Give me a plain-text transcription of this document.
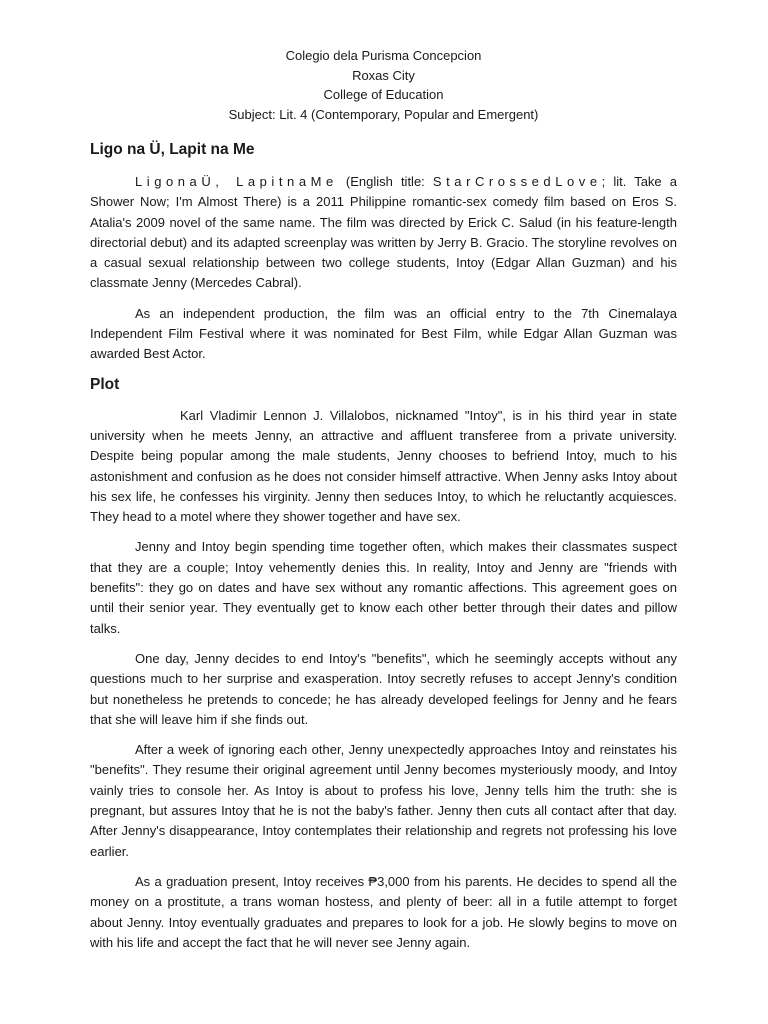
Colegio dela Purisma Concepcion
Roxas City
College of Education
Subject: Lit. 4 (Contemporary, Popular and Emergent)
Ligo na Ü, Lapit na Me

LigonaÜ, LapitnaMe (English title: StarCrossedLove; lit. Take a Shower Now; I'm Almost There) is a 2011 Philippine romantic-sex comedy film based on Eros S. Atalia's 2009 novel of the same name. The film was directed by Erick C. Salud (in his feature-length directorial debut) and its adapted screenplay was written by Jerry B. Gracio. The storyline revolves on a casual sexual relationship between two college students, Intoy (Edgar Allan Guzman) and his classmate Jenny (Mercedes Cabral).

As an independent production, the film was an official entry to the 7th Cinemalaya Independent Film Festival where it was nominated for Best Film, while Edgar Allan Guzman was awarded Best Actor.

Plot

Karl Vladimir Lennon J. Villalobos, nicknamed "Intoy", is in his third year in state university when he meets Jenny, an attractive and affluent transferee from a private university. Despite being popular among the male students, Jenny chooses to befriend Intoy, much to his astonishment and confusion as he does not consider himself attractive. When Jenny asks Intoy about his sex life, he confesses his virginity. Jenny then seduces Intoy, to which he reluctantly acquiesces. They head to a motel where they shower together and have sex.

Jenny and Intoy begin spending time together often, which makes their classmates suspect that they are a couple; Intoy vehemently denies this. In reality, Intoy and Jenny are "friends with benefits": they go on dates and have sex without any romantic affections. This agreement goes on until their senior year. They eventually get to know each other better through their dates and pillow talks.

One day, Jenny decides to end Intoy's "benefits", which he seemingly accepts without any questions much to her surprise and exasperation. Intoy secretly refuses to accept Jenny's condition but nonetheless he pretends to concede; he has already developed feelings for Jenny and he fears that she will leave him if she finds out.

After a week of ignoring each other, Jenny unexpectedly approaches Intoy and reinstates his "benefits". They resume their original agreement until Jenny becomes mysteriously moody, and Intoy vainly tries to console her. As Intoy is about to profess his love, Jenny tells him the truth: she is pregnant, but assures Intoy that he is not the baby's father. Jenny then cuts all contact after that day. After Jenny's disappearance, Intoy contemplates their relationship and regrets not professing his love earlier.

As a graduation present, Intoy receives ₱3,000 from his parents. He decides to spend all the money on a prostitute, a trans woman hostess, and plenty of beer: all in a futile attempt to forget about Jenny. Intoy eventually graduates and prepares to look for a job. He slowly begins to move on with his life and accept the fact that he will never see Jenny again.
